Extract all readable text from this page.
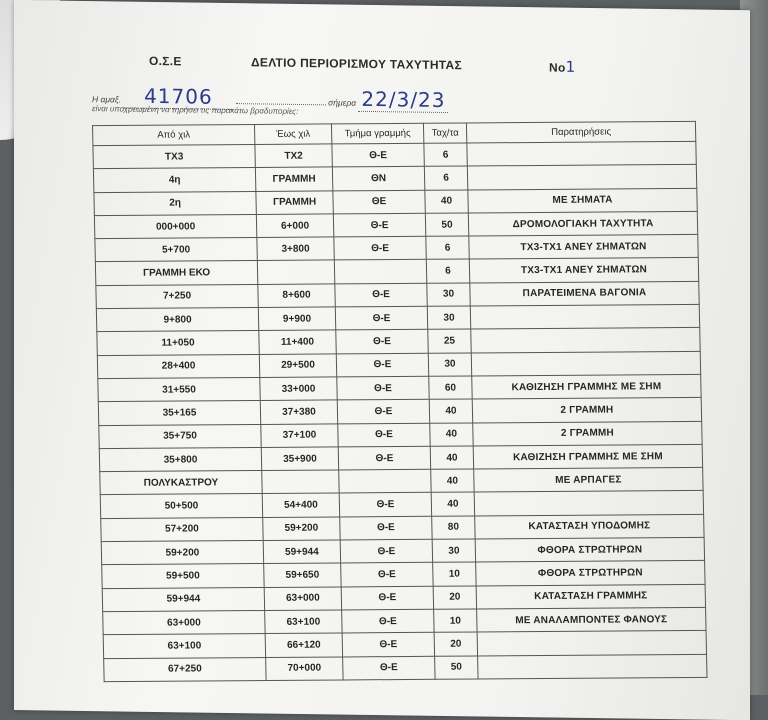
Ο.Σ.Ε	ΔΕΛΤΙΟ ΠΕΡΙΟΡΙΣΜΟΥ ΤΑΧΥΤΗΤΑΣ	No1
Η αμαξ. 41706	σήμερα 22/3/23
είναι υποχρεωμένη να τηρήσει τις παρακάτω βραδυπορίες:
Από χιλ	Έως χιλ	Τμήμα γραμμής	Ταχ/τα	Παρατηρήσεις
ΤΧ3	ΤΧ2	Θ-Ε	6	
4η	ΓΡΑΜΜΗ	ΘΝ	6	
2η	ΓΡΑΜΜΗ	ΘΕ	40	ΜΕ ΣΗΜΑΤΑ
000+000	6+000	Θ-Ε	50	ΔΡΟΜΟΛΟΓΙΑΚΗ ΤΑΧΥΤΗΤΑ
5+700	3+800	Θ-Ε	6	ΤΧ3-ΤΧ1 ΑΝΕΥ ΣΗΜΑΤΩΝ
ΓΡΑΜΜΗ ΕΚΟ			6	ΤΧ3-ΤΧ1 ΑΝΕΥ ΣΗΜΑΤΩΝ
7+250	8+600	Θ-Ε	30	ΠΑΡΑΤΕΙΜΕΝΑ ΒΑΓΟΝΙΑ
9+800	9+900	Θ-Ε	30	
11+050	11+400	Θ-Ε	25	
28+400	29+500	Θ-Ε	30	
31+550	33+000	Θ-Ε	60	ΚΑΘΙΖΗΣΗ ΓΡΑΜΜΗΣ ΜΕ ΣΗΜ
35+165	37+380	Θ-Ε	40	2 ΓΡΑΜΜΗ
35+750	37+100	Θ-Ε	40	2 ΓΡΑΜΜΗ
35+800	35+900	Θ-Ε	40	ΚΑΘΙΖΗΣΗ ΓΡΑΜΜΗΣ ΜΕ ΣΗΜ
ΠΟΛΥΚΑΣΤΡΟΥ			40	ΜΕ ΑΡΠΑΓΕΣ
50+500	54+400	Θ-Ε	40	
57+200	59+200	Θ-Ε	80	ΚΑΤΑΣΤΑΣΗ ΥΠΟΔΟΜΗΣ
59+200	59+944	Θ-Ε	30	ΦΘΟΡΑ ΣΤΡΩΤΗΡΩΝ
59+500	59+650	Θ-Ε	10	ΦΘΟΡΑ ΣΤΡΩΤΗΡΩΝ
59+944	63+000	Θ-Ε	20	ΚΑΤΑΣΤΑΣΗ ΓΡΑΜΜΗΣ
63+000	63+100	Θ-Ε	10	ΜΕ ΑΝΑΛΑΜΠΟΝΤΕΣ ΦΑΝΟΥΣ
63+100	66+120	Θ-Ε	20	
67+250	70+000	Θ-Ε	50	
